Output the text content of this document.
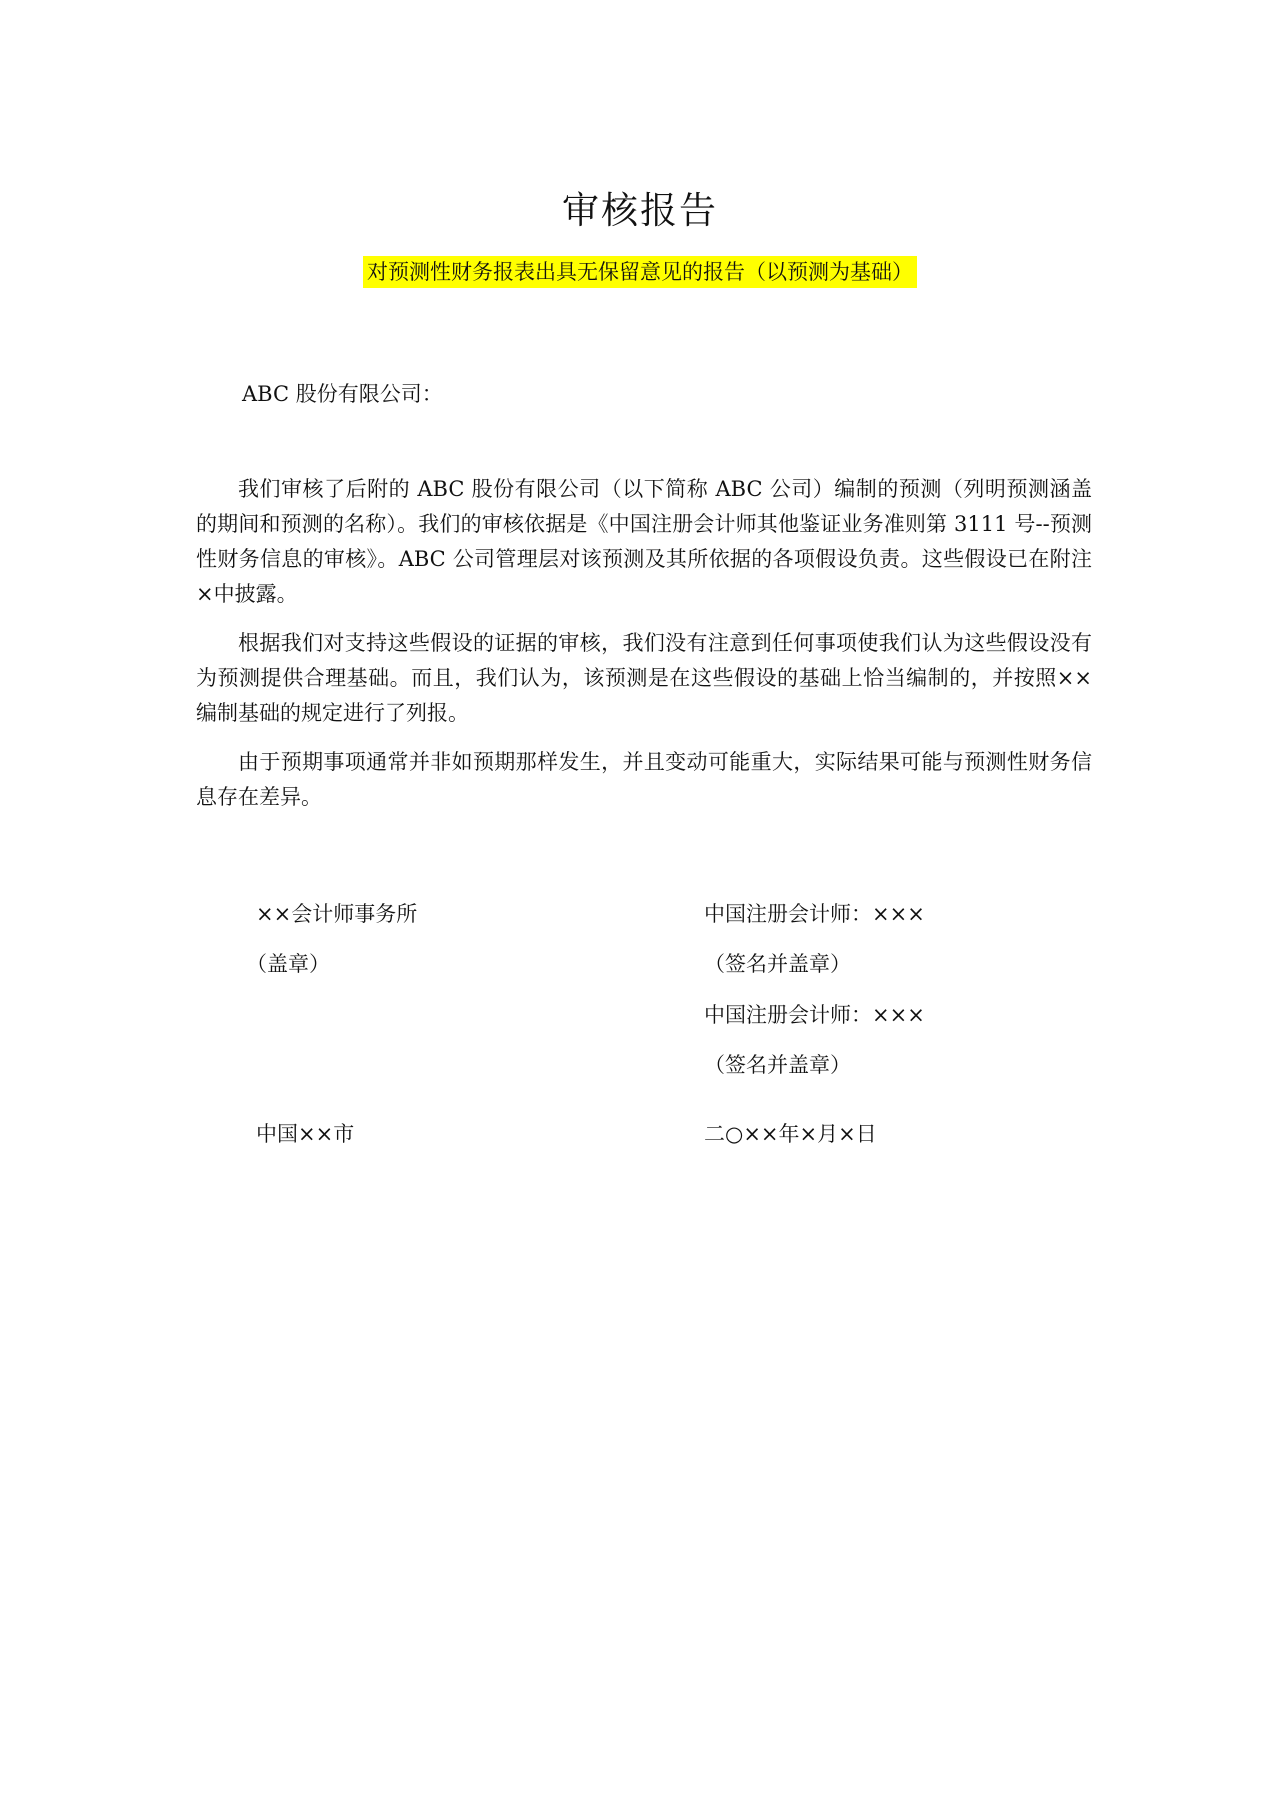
审核报告
对预测性财务报表出具无保留意见的报告（以预测为基础）
ABC 股份有限公司：

我们审核了后附的 ABC 股份有限公司（以下简称 ABC 公司）编制的预测（列明预测涵盖的期间和预测的名称）。我们的审核依据是《中国注册会计师其他鉴证业务准则第 3111 号--预测性财务信息的审核》。ABC 公司管理层对该预测及其所依据的各项假设负责。这些假设已在附注×中披露。

根据我们对支持这些假设的证据的审核，我们没有注意到任何事项使我们认为这些假设没有为预测提供合理基础。而且，我们认为，该预测是在这些假设的基础上恰当编制的，并按照××编制基础的规定进行了列报。

由于预期事项通常并非如预期那样发生，并且变动可能重大，实际结果可能与预测性财务信息存在差异。

××会计师事务所
（盖章）
中国注册会计师：×××
（签名并盖章）
中国注册会计师：×××
（签名并盖章）
中国××市	二○××年×月×日
